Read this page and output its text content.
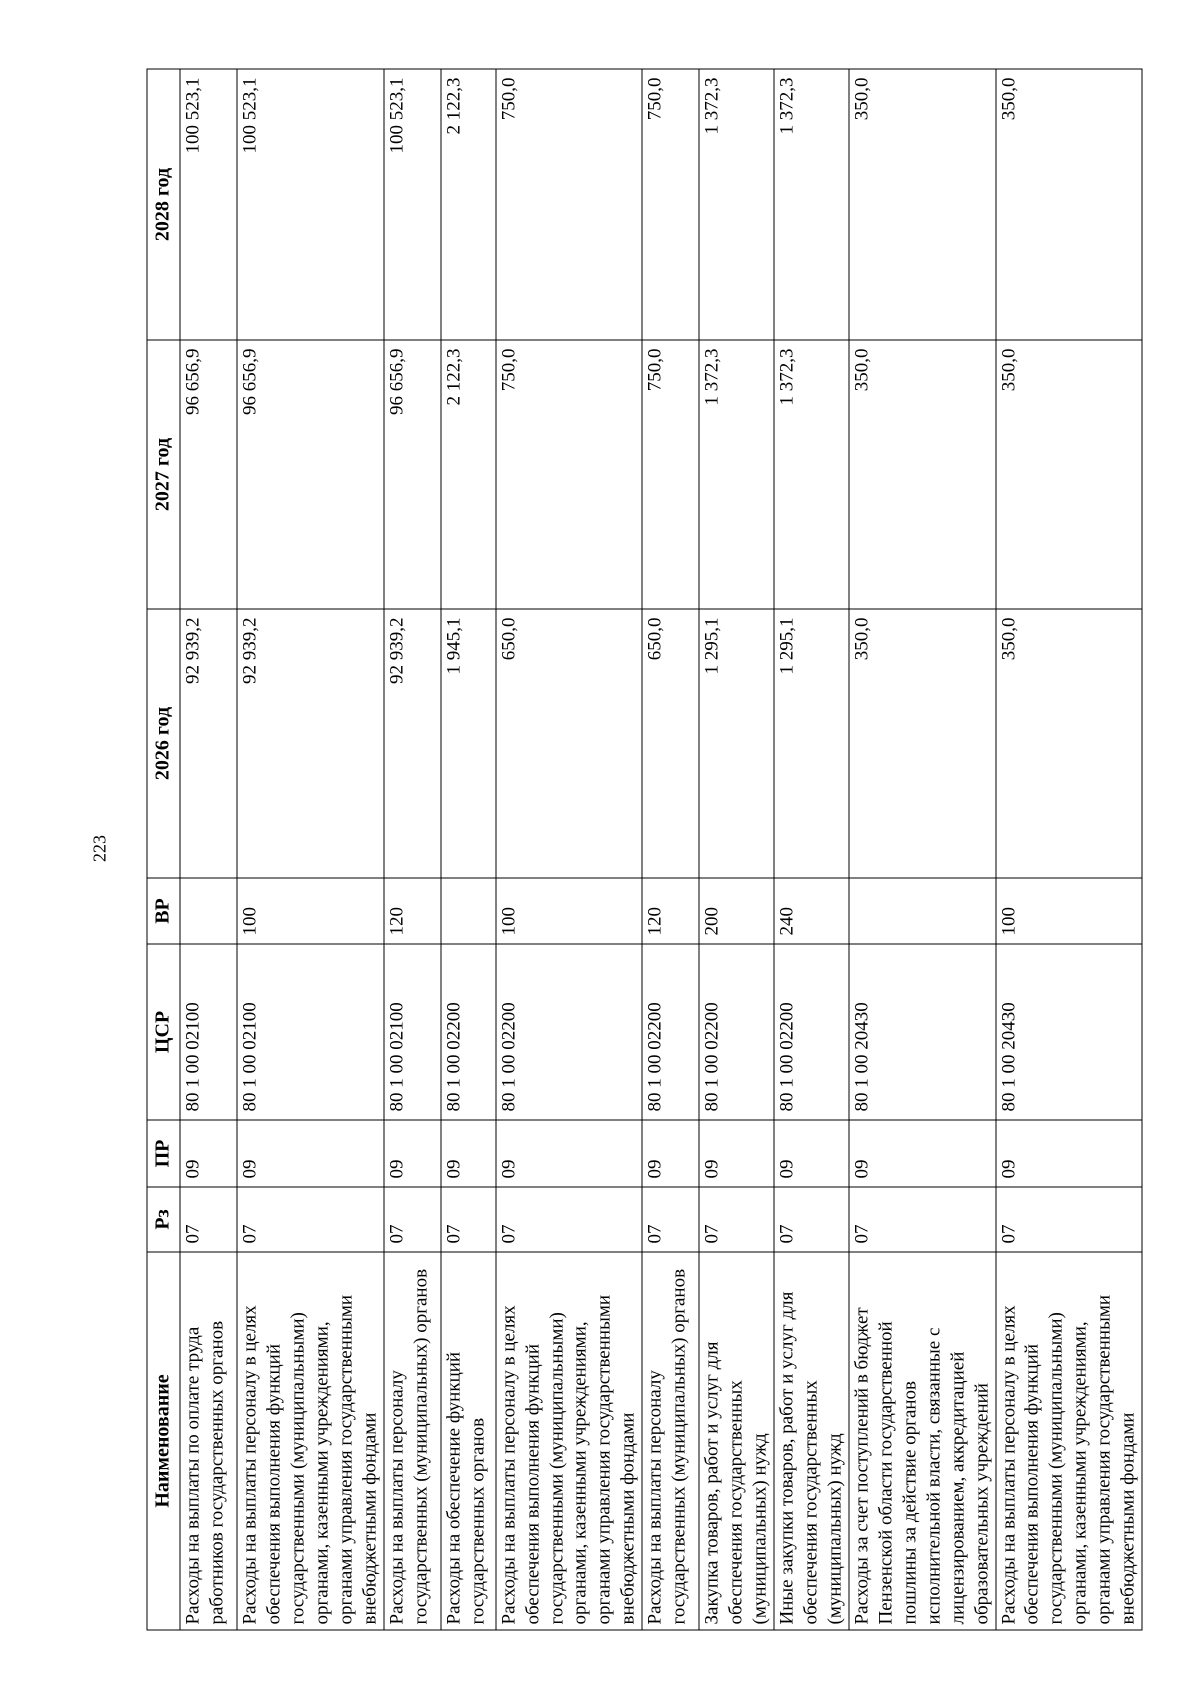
223
Наименование	Рз	ПР	ЦСР	ВР	2026 год	2027 год	2028 год
Расходы на выплаты по оплате труда работников государственных органов	07	09	80 1 00 02100		92 939,2	96 656,9	100 523,1
Расходы на выплаты персоналу в целях обеспечения выполнения функций государственными (муниципальными) органами, казенными учреждениями, органами управления государственными внебюджетными фондами	07	09	80 1 00 02100	100	92 939,2	96 656,9	100 523,1
Расходы на выплаты персоналу государственных (муниципальных) органов	07	09	80 1 00 02100	120	92 939,2	96 656,9	100 523,1
Расходы на обеспечение функций государственных органов	07	09	80 1 00 02200		1 945,1	2 122,3	2 122,3
Расходы на выплаты персоналу в целях обеспечения выполнения функций государственными (муниципальными) органами, казенными учреждениями, органами управления государственными внебюджетными фондами	07	09	80 1 00 02200	100	650,0	750,0	750,0
Расходы на выплаты персоналу государственных (муниципальных) органов	07	09	80 1 00 02200	120	650,0	750,0	750,0
Закупка товаров, работ и услуг для обеспечения государственных (муниципальных) нужд	07	09	80 1 00 02200	200	1 295,1	1 372,3	1 372,3
Иные закупки товаров, работ и услуг для обеспечения государственных (муниципальных) нужд	07	09	80 1 00 02200	240	1 295,1	1 372,3	1 372,3
Расходы за счет поступлений в бюджет Пензенской области государственной пошлины за действие органов исполнительной власти, связанные с лицензированием, аккредитацией образовательных учреждений	07	09	80 1 00 20430		350,0	350,0	350,0
Расходы на выплаты персоналу в целях обеспечения выполнения функций государственными (муниципальными) органами, казенными учреждениями, органами управления государственными внебюджетными фондами	07	09	80 1 00 20430	100	350,0	350,0	350,0
